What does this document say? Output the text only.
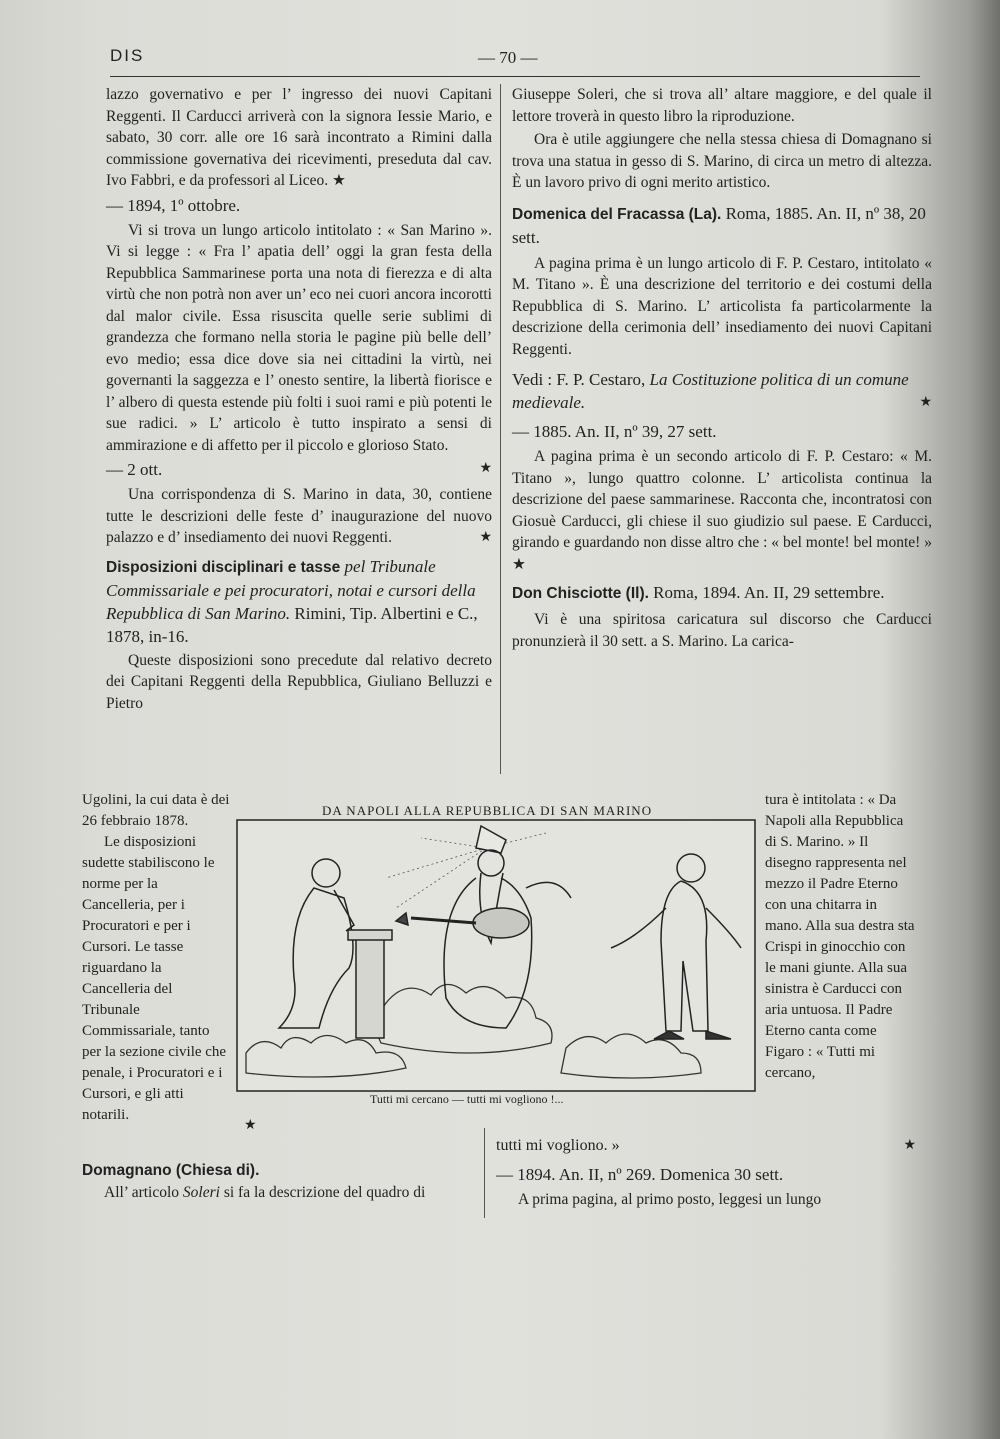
DIS	— 70 —

lazzo governativo e per l’ ingresso dei nuovi Capitani Reggenti. Il Carducci arriverà con la signora Iessie Mario, e sabato, 30 corr. alle ore 16 sarà incontrato a Rimini dalla commissione governativa dei ricevimenti, preseduta dal cav. Ivo Fabbri, e da professori al Liceo. ★

— 1894, 1º ottobre.

Vi si trova un lungo articolo intitolato : « San Marino ». Vi si legge : « Fra l’ apatia dell’ oggi la gran festa della Repubblica Sammarinese porta una nota di fierezza e di alta virtù che non potrà non aver un’ eco nei cuori ancora incorotti dal malor civile. Essa risuscita quelle serie sublimi di grandezza che formano nella storia le pagine più belle dell’ evo medio; essa dice dove sia nei cittadini la virtù, nei governanti la saggezza e l’ onesto sentire, la libertà fiorisce e l’ albero di questa estende più folti i suoi rami e più potenti le sue radici. » L’ articolo è tutto inspirato a sensi di ammirazione e di affetto per il piccolo e glorioso Stato.

— 2 ott.	★

Una corrispondenza di S. Marino in data, 30, contiene tutte le descrizioni delle feste d’ inaugurazione del nuovo palazzo e d’ insediamento dei nuovi Reggenti.	★

Disposizioni disciplinari e tasse pel Tribunale Commissariale e pei procuratori, notai e cursori della Repubblica di San Marino. Rimini, Tip. Albertini e C., 1878, in-16.

Queste disposizioni sono precedute dal relativo decreto dei Capitani Reggenti della Repubblica, Giuliano Belluzzi e Pietro

Ugolini, la cui data è dei 26 febbraio 1878.

Le disposizioni sudette stabiliscono le norme per la Cancelleria, per i Procuratori e per i Cursori. Le tasse riguardano la Cancelleria del Tribunale Commissariale, tanto per la sezione civile che penale, i Procuratori e i Cursori, e gli atti notarili.

★
Domagnano (Chiesa di).

All’ articolo Soleri si fa la descrizione del quadro di

Giuseppe Soleri, che si trova all’ altare maggiore, e del quale il lettore troverà in questo libro la riproduzione.

Ora è utile aggiungere che nella stessa chiesa di Domagnano si trova una statua in gesso di S. Marino, di circa un metro di altezza. È un lavoro privo di ogni merito artistico.

Domenica del Fracassa (La). Roma, 1885. An. II, nº 38, 20 sett.

A pagina prima è un lungo articolo di F. P. Cestaro, intitolato « M. Titano ». È una descrizione del territorio e dei costumi della Repubblica di S. Marino. L’ articolista fa particolarmente la descrizione della cerimonia dell’ insediamento dei nuovi Capitani Reggenti.

Vedi : F. P. Cestaro, La Costituzione politica di un comune medievale.	★
— 1885. An. II, nº 39, 27 sett.

A pagina prima è un secondo articolo di F. P. Cestaro: « M. Titano », lungo quattro colonne. L’ articolista continua la descrizione del paese sammarinese. Racconta che, incontratosi con Giosuè Carducci, gli chiese il suo giudizio sul paese. E Carducci, girando e guardando non disse altro che : « bel monte! bel monte! » ★

Don Chisciotte (Il). Roma, 1894. An. II, 29 settembre.

Vi è una spiritosa caricatura sul discorso che Carducci pronunzierà il 30 sett. a S. Marino. La carica-

tura è intitolata : « Da Napoli alla Repubblica di S. Marino. » Il disegno rappresenta nel mezzo il Padre Eterno con una chitarra in mano. Alla sua destra sta Crispi in ginocchio con le mani giunte. Alla sua sinistra è Carducci con aria untuosa. Il Padre Eterno canta come Figaro : « Tutti mi cercano,

tutti mi vogliono. »	★

— 1894. An. II, nº 269. Domenica 30 sett.

A prima pagina, al primo posto, leggesi un lungo

DA NAPOLI ALLA REPUBBLICA DI SAN MARINO
Tutti mi cercano — tutti mi vogliono !...
